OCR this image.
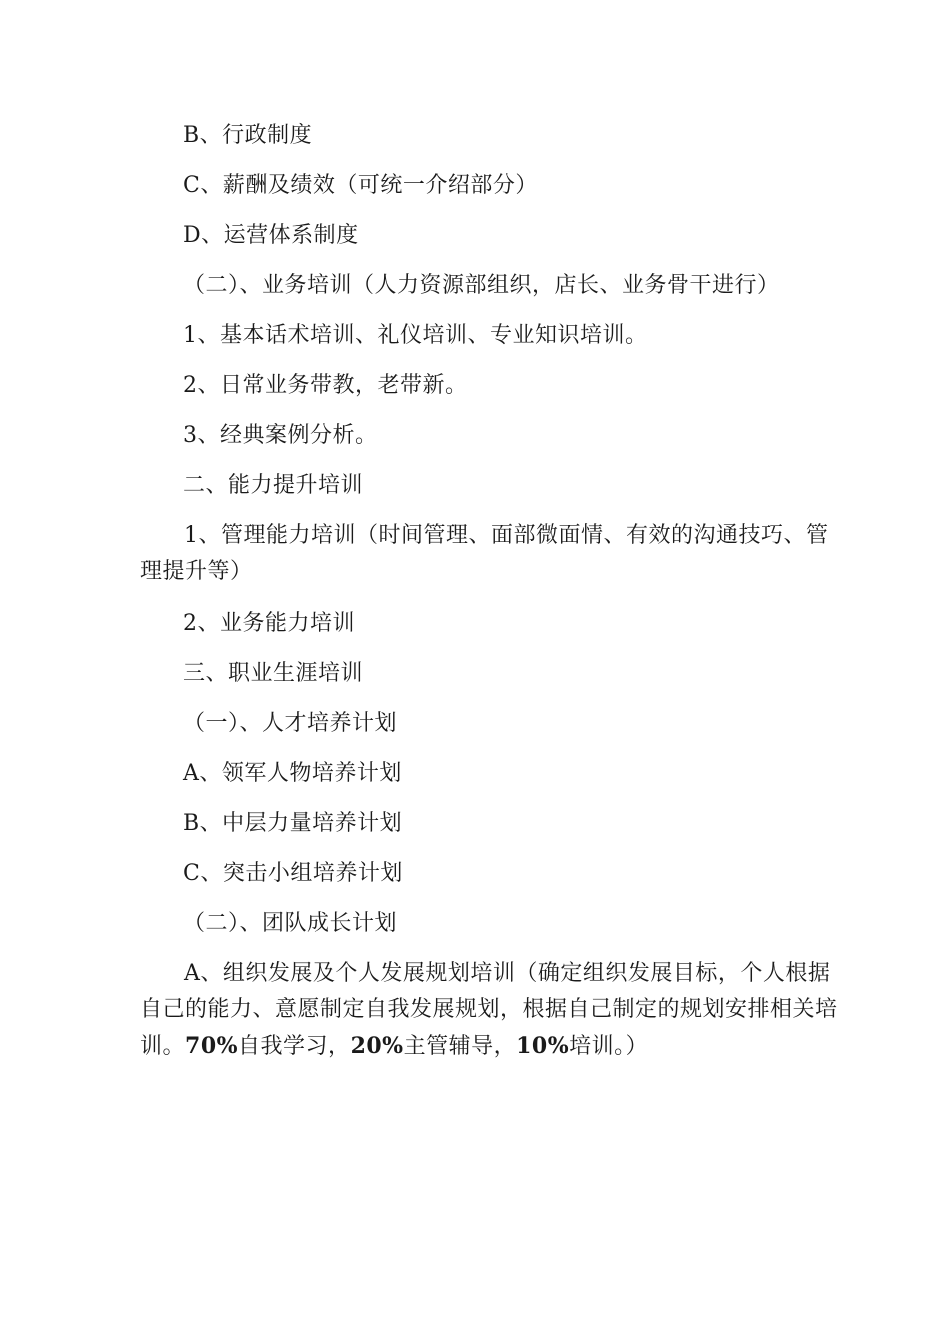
B、行政制度
C、薪酬及绩效（可统一介绍部分）
D、运营体系制度
（二）、业务培训（人力资源部组织，店长、业务骨干进行）
1、基本话术培训、礼仪培训、专业知识培训。
2、日常业务带教，老带新。
3、经典案例分析。
二、能力提升培训
1、管理能力培训（时间管理、面部微面情、有效的沟通技巧、管理提升等）
2、业务能力培训
三、职业生涯培训
（一）、人才培养计划
A、领军人物培养计划
B、中层力量培养计划
C、突击小组培养计划
（二）、团队成长计划
A、组织发展及个人发展规划培训（确定组织发展目标，个人根据自己的能力、意愿制定自我发展规划，根据自己制定的规划安排相关培训。70%自我学习，20%主管辅导，10%培训。）
